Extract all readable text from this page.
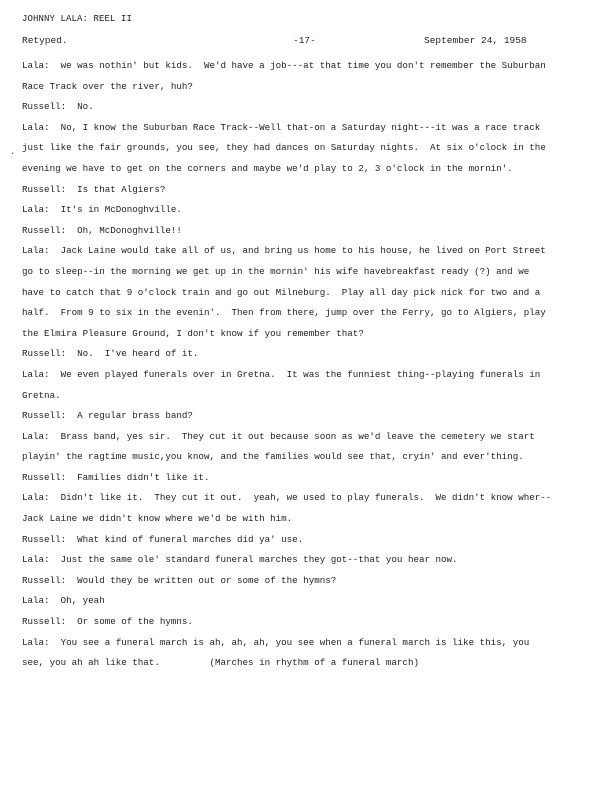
JOHNNY LALA: REEL II
Retyped.	-17-	September 24, 1958
·
Lala:  we was nothin' but kids.  We'd have a job---at that time you don't remember the Suburban
Race Track over the river, huh?
Russell:  No.
Lala:  No, I know the Suburban Race Track--Well that-on a Saturday night---it was a race track
just like the fair grounds, you see, they had dances on Saturday nights.  At six o'clock in the
evening we have to get on the corners and maybe we'd play to 2, 3 o'clock in the mornin'.
Russell:  Is that Algiers?
Lala:  It's in McDonoghville.
Russell:  Oh, McDonoghville!!
Lala:  Jack Laine would take all of us, and bring us home to his house, he lived on Port Street
go to sleep--in the morning we get up in the mornin' his wife havebreakfast ready (?) and we
have to catch that 9 o'clock train and go out Milneburg.  Play all day pick nick for two and a
half.  From 9 to six in the evenin'.  Then from there, jump over the Ferry, go to Algiers, play
the Elmira Pleasure Ground, I don't know if you remember that?
Russell:  No.  I've heard of it.
Lala:  We even played funerals over in Gretna.  It was the funniest thing--playing funerals in
Gretna.
Russell:  A regular brass band?
Lala:  Brass band, yes sir.  They cut it out because soon as we'd leave the cemetery we start
playin' the ragtime music,you know, and the families would see that, cryin' and ever'thing.
Russell:  Families didn't like it.
Lala:  Didn't like it.  They cut it out.  yeah, we used to play funerals.  We didn't know wher--
Jack Laine we didn't know where we'd be with him.
Russell:  What kind of funeral marches did ya' use.
Lala:  Just the same ole' standard funeral marches they got--that you hear now.
Russell:  Would they be written out or some of the hymns?
Lala:  Oh, yeah
Russell:  Or some of the hymns.
Lala:  You see a funeral march is ah, ah, ah, you see when a funeral march is like this, you
see, you ah ah like that.         (Marches in rhythm of a funeral march)
